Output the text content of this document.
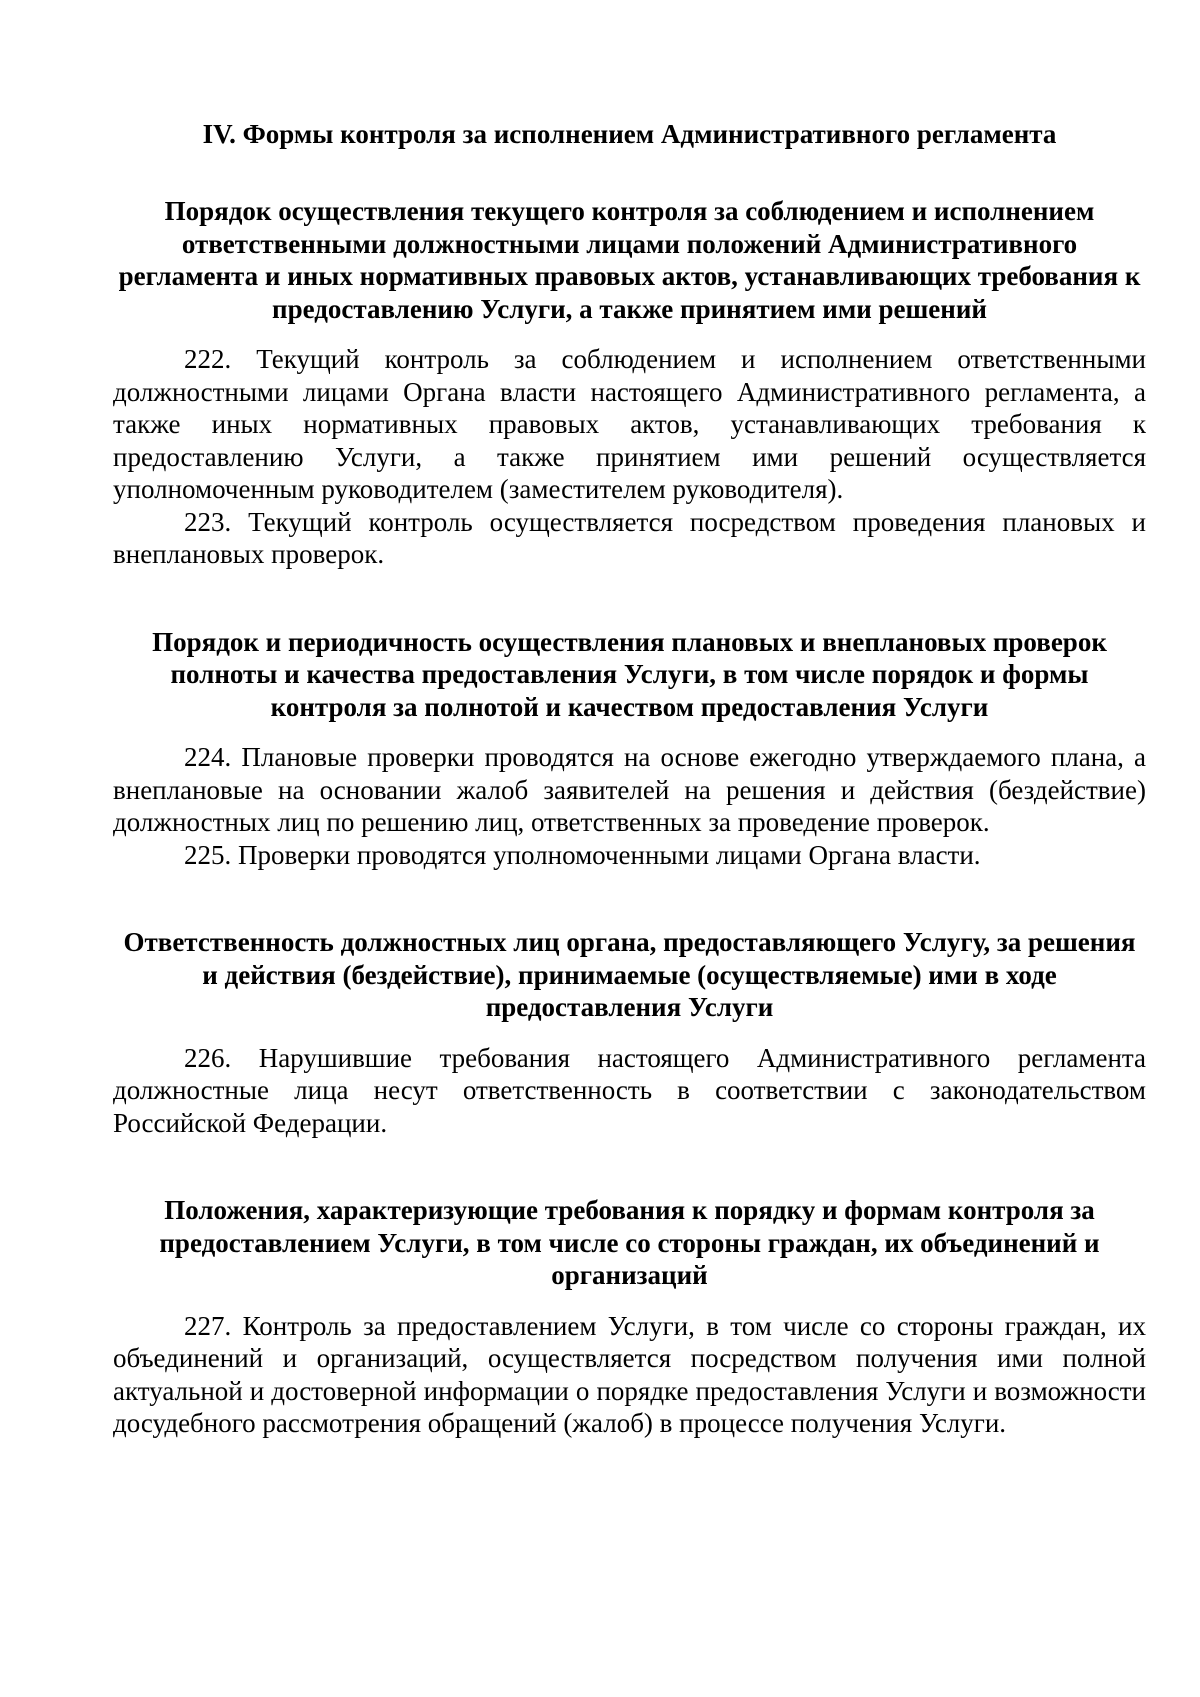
IV. Формы контроля за исполнением Административного регламента
Порядок осуществления текущего контроля за соблюдением и исполнением ответственными должностными лицами положений Административного регламента и иных нормативных правовых актов, устанавливающих требования к предоставлению Услуги, а также принятием ими решений

222. Текущий контроль за соблюдением и исполнением ответственными должностными лицами Органа власти настоящего Административного регламента, а также иных нормативных правовых актов, устанавливающих требования к предоставлению Услуги, а также принятием ими решений осуществляется уполномоченным руководителем (заместителем руководителя).

223. Текущий контроль осуществляется посредством проведения плановых и внеплановых проверок.

Порядок и периодичность осуществления плановых и внеплановых проверок полноты и качества предоставления Услуги, в том числе порядок и формы контроля за полнотой и качеством предоставления Услуги

224. Плановые проверки проводятся на основе ежегодно утверждаемого плана, а внеплановые на основании жалоб заявителей на решения и действия (бездействие) должностных лиц по решению лиц, ответственных за проведение проверок.

225. Проверки проводятся уполномоченными лицами Органа власти.

Ответственность должностных лиц органа, предоставляющего Услугу, за решения и действия (бездействие), принимаемые (осуществляемые) ими в ходе предоставления Услуги

226. Нарушившие требования настоящего Административного регламента должностные лица несут ответственность в соответствии с законодательством Российской Федерации.

Положения, характеризующие требования к порядку и формам контроля за предоставлением Услуги, в том числе со стороны граждан, их объединений и организаций

227. Контроль за предоставлением Услуги, в том числе со стороны граждан, их объединений и организаций, осуществляется посредством получения ими полной актуальной и достоверной информации о порядке предоставления Услуги и возможности досудебного рассмотрения обращений (жалоб) в процессе получения Услуги.
